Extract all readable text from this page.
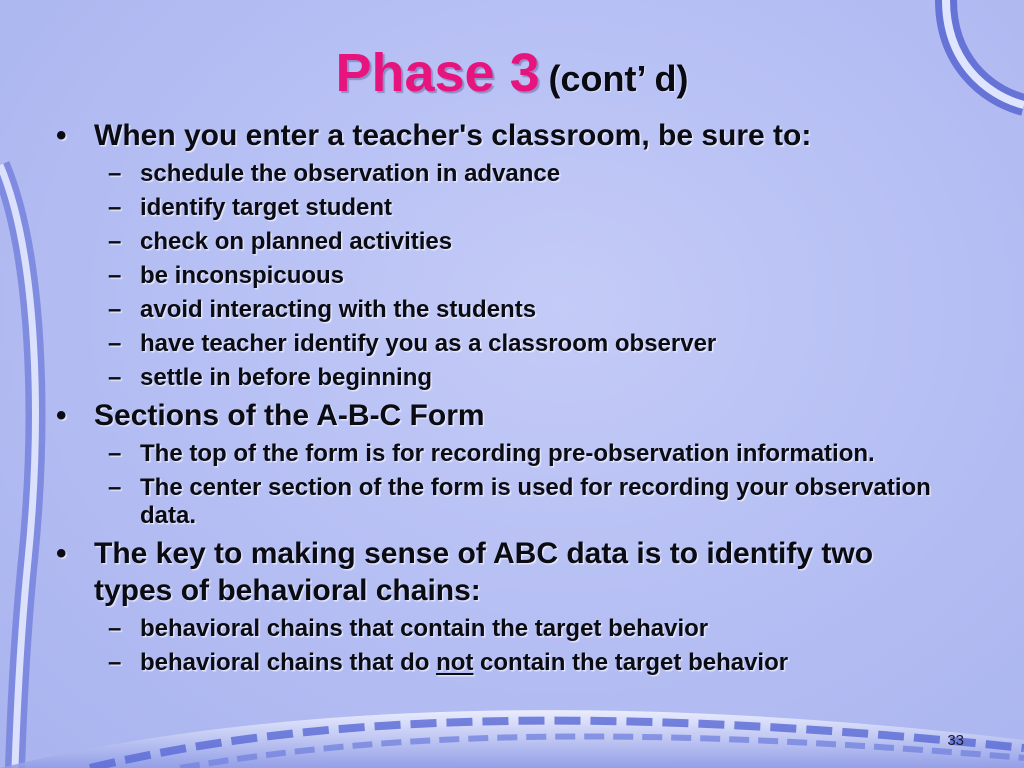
Phase 3 (cont’ d)
• When you enter a teacher's classroom, be sure to:
– schedule the observation in advance
– identify target student
– check on planned activities
– be inconspicuous
– avoid interacting with the students
– have teacher identify you as a classroom observer
– settle in before beginning
• Sections of the A-B-C Form
– The top of the form is for recording pre-observation information.
– The center section of the form is used for recording your observation data.
• The key to making sense of ABC data is to identify two types of behavioral chains:
– behavioral chains that contain the target behavior
– behavioral chains that do not contain the target behavior
33
